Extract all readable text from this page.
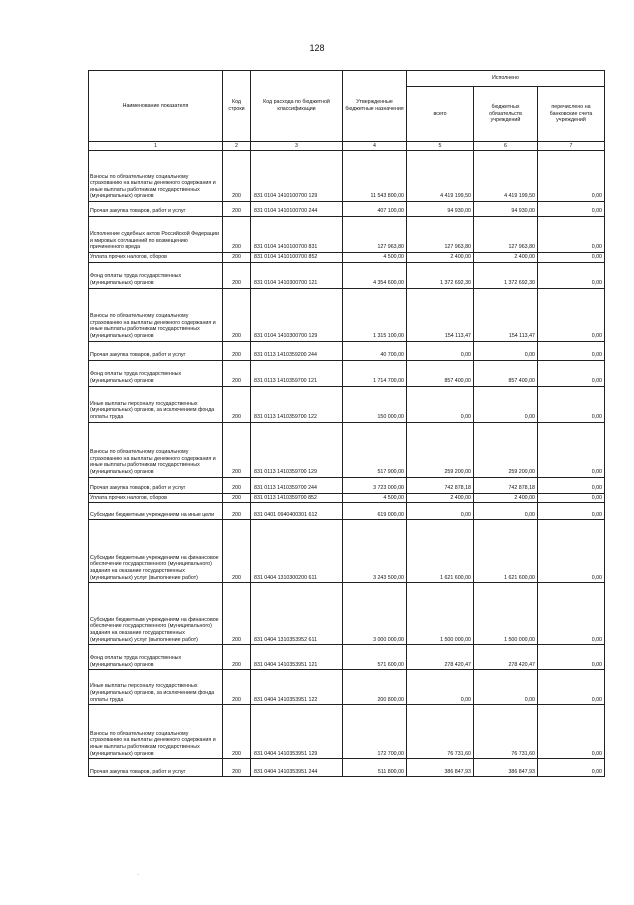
128
Наименование показателя	Код строки	Код расхода по бюджетной классификации	Утвержденные бюджетные назначения	Исполнено		
				всего	бюджетных обязательств учреждений	перечислено на банковские счета учреждений
1	2	3	4	5	6	7
Взносы по обязательному социальному страхованию на выплаты денежного содержания и иные выплаты работникам государственных (муниципальных) органов	200	831 0104 1410100700 129	11 543 800,00	4 419 199,50	4 419 199,50	0,00
Прочая закупка товаров, работ и услуг	200	831 0104 1410100700 244	407 100,00	94 930,00	94 930,00	0,00
Исполнение судебных актов Российской Федерации и мировых соглашений по возмещению причиненного вреда	200	831 0104 1410100700 831	127 963,80	127 963,80	127 963,80	0,00
Уплата прочих налогов, сборов	200	831 0104 1410100700 852	4 500,00	2 400,00	2 400,00	0,00
Фонд оплаты труда государственных (муниципальных) органов	200	831 0104 1410300700 121	4 354 600,00	1 372 692,30	1 372 692,30	0,00
Взносы по обязательному социальному страхованию на выплаты денежного содержания и иные выплаты работникам государственных (муниципальных) органов	200	831 0104 1410300700 129	1 315 100,00	154 113,47	154 113,47	0,00
Прочая закупка товаров, работ и услуг	200	831 0113 1410359200 244	40 700,00	0,00	0,00	0,00
Фонд оплаты труда государственных (муниципальных) органов	200	831 0113 1410359700 121	1 714 700,00	857 400,00	857 400,00	0,00
Иные выплаты персоналу государственных (муниципальных) органов, за исключением фонда оплаты труда	200	831 0113 1410359700 122	150 000,00	0,00	0,00	0,00
Взносы по обязательному социальному страхованию на выплаты денежного содержания и иные выплаты работникам государственных (муниципальных) органов	200	831 0113 1410359700 129	517 900,00	259 200,00	259 200,00	0,00
Прочая закупка товаров, работ и услуг	200	831 0113 1410359700 244	3 723 000,00	742 878,18	742 878,18	0,00
Уплата прочих налогов, сборов	200	831 0113 1410359700 852	4 500,00	2 400,00	2 400,00	0,00
Субсидии бюджетным учреждениям на иные цели	200	831 0401 0940400301 612	619 000,00	0,00	0,00	0,00
Субсидии бюджетным учреждениям на финансовое обеспечение государственного (муниципального) задания на оказание государственных (муниципальных) услуг (выполнение работ)	200	831 0404 1310300200 611	3 243 500,00	1 621 600,00	1 621 600,00	0,00
Субсидии бюджетным учреждениям на финансовое обеспечение государственного (муниципального) задания на оказание государственных (муниципальных) услуг (выполнение работ)	200	831 0404 1310353952 611	3 000 000,00	1 500 000,00	1 500 000,00	0,00
Фонд оплаты труда государственных (муниципальных) органов	200	831 0404 1410353951 121	571 600,00	278 420,47	278 420,47	0,00
Иные выплаты персоналу государственных (муниципальных) органов, за исключением фонда оплаты труда	200	831 0404 1410353951 122	200 800,00	0,00	0,00	0,00
Взносы по обязательному социальному страхованию на выплаты денежного содержания и иные выплаты работникам государственных (муниципальных) органов	200	831 0404 1410353951 129	172 700,00	76 731,60	76 731,60	0,00
Прочая закупка товаров, работ и услуг	200	831 0404 1410353951 244	511 800,00	386 847,93	386 847,93	0,00
·
